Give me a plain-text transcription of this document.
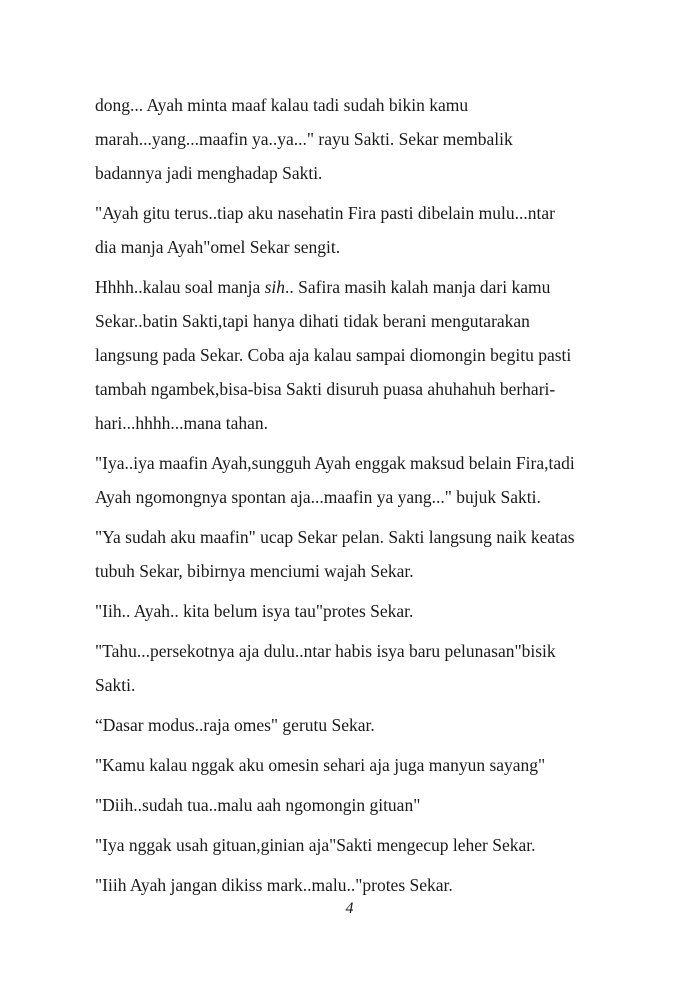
dong... Ayah minta maaf kalau tadi sudah bikin kamu
marah...yang...maafin ya..ya..." rayu Sakti. Sekar membalik
badannya jadi menghadap Sakti.
"Ayah gitu terus..tiap aku nasehatin Fira pasti dibelain mulu...ntar
dia manja Ayah"omel Sekar sengit.
Hhhh..kalau soal manja sih.. Safira masih kalah manja dari kamu
Sekar..batin Sakti,tapi hanya dihati tidak berani mengutarakan
langsung pada Sekar. Coba aja kalau sampai diomongin begitu pasti
tambah ngambek,bisa-bisa Sakti disuruh puasa ahuhahuh berhari-
hari...hhhh...mana tahan.
"Iya..iya maafin Ayah,sungguh Ayah enggak maksud belain Fira,tadi
Ayah ngomongnya spontan aja...maafin ya yang..." bujuk Sakti.
"Ya sudah aku maafin" ucap Sekar pelan. Sakti langsung naik keatas
tubuh Sekar, bibirnya menciumi wajah Sekar.
"Iih.. Ayah.. kita belum isya tau"protes Sekar.
"Tahu...persekotnya aja dulu..ntar habis isya baru pelunasan"bisik
Sakti.
“Dasar modus..raja omes" gerutu Sekar.
"Kamu kalau nggak aku omesin sehari aja juga manyun sayang"
"Diih..sudah tua..malu aah ngomongin gituan"
"Iya nggak usah gituan,ginian aja"Sakti mengecup leher Sekar.
"Iiih Ayah jangan dikiss mark..malu.."protes Sekar.
4
